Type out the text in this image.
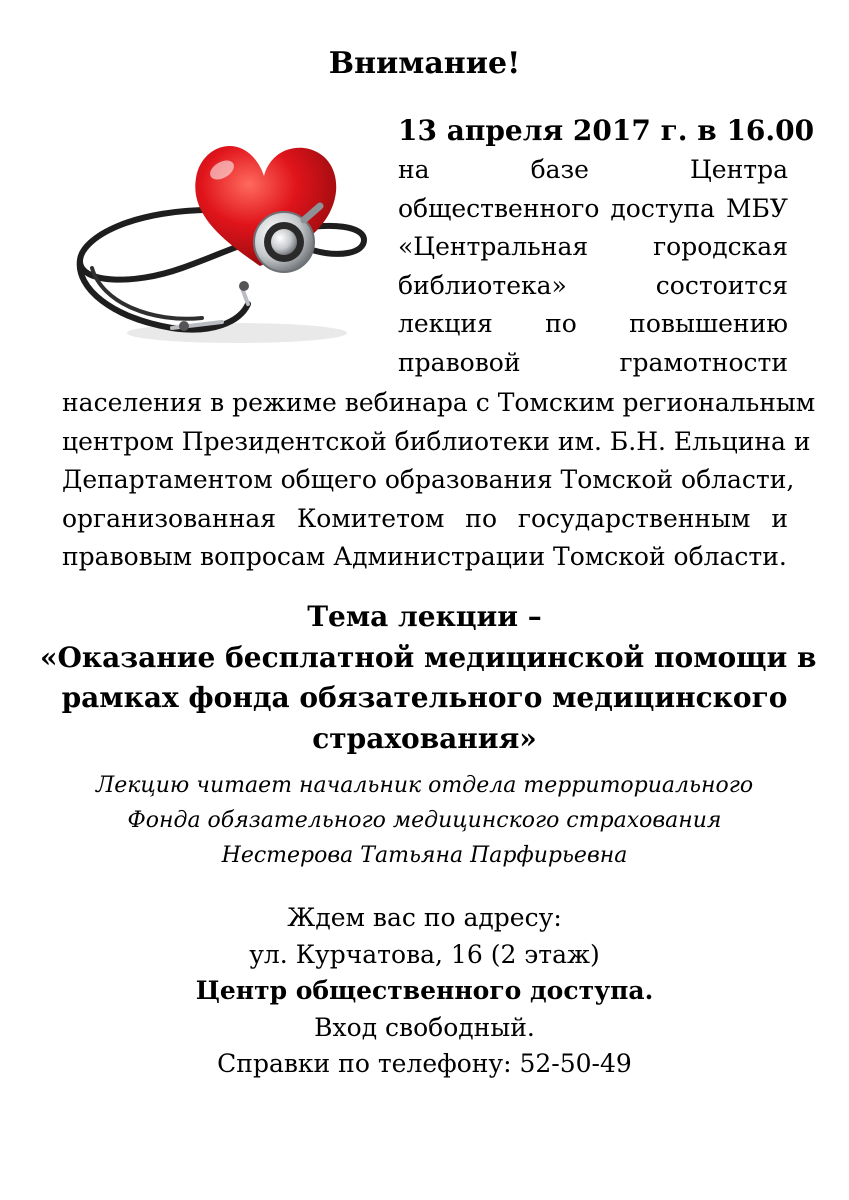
Внимание!
13 апреля 2017 г. в 16.00
на базе Центра
общественного доступа МБУ
«Центральная городская
библиотека» состоится
лекция по повышению
правовой грамотности
населения в режиме вебинара с Томским региональным
центром Президентской библиотеки им. Б.Н. Ельцина и
Департаментом общего образования Томской области,
организованная Комитетом по государственным и
правовым вопросам Администрации Томской области.
Тема лекции –
«Оказание бесплатной медицинской помощи в
рамках фонда обязательного медицинского
страхования»
Лекцию читает начальник отдела территориального
Фонда обязательного медицинского страхования
Нестерова Татьяна Парфирьевна
Ждем вас по адресу:
ул. Курчатова, 16 (2 этаж)
Центр общественного доступа.
Вход свободный.
Справки по телефону: 52-50-49
